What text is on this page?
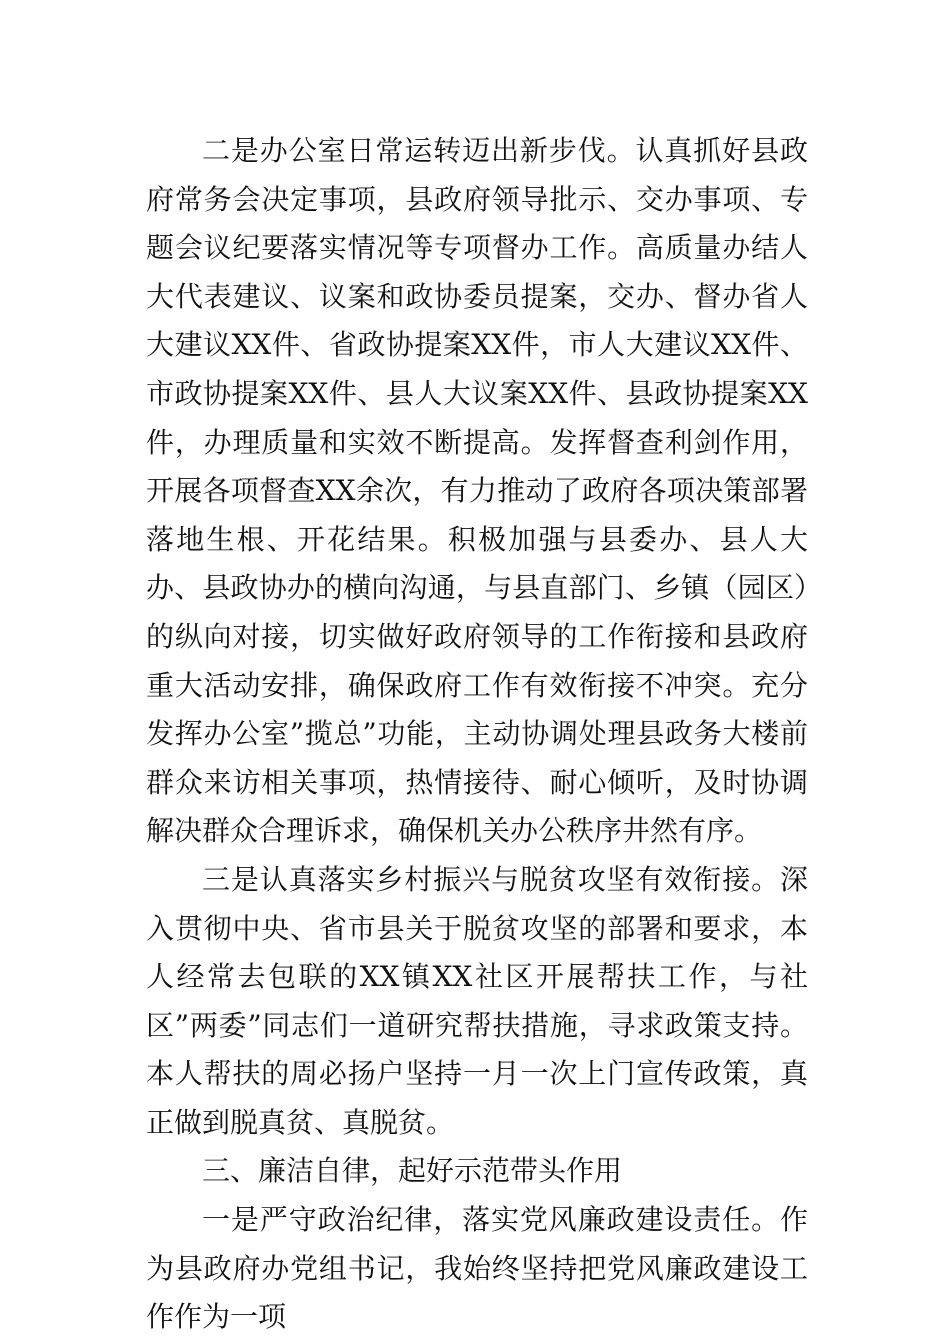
二是办公室日常运转迈出新步伐。认真抓好县政府常务会决定事项，县政府领导批示、交办事项、专题会议纪要落实情况等专项督办工作。高质量办结人大代表建议、议案和政协委员提案，交办、督办省人大建议XX件、省政协提案XX件，市人大建议XX件、市政协提案XX件、县人大议案XX件、县政协提案XX件，办理质量和实效不断提高。发挥督查利剑作用，开展各项督查XX余次，有力推动了政府各项决策部署落地生根、开花结果。积极加强与县委办、县人大办、县政协办的横向沟通，与县直部门、乡镇（园区）的纵向对接，切实做好政府领导的工作衔接和县政府重大活动安排，确保政府工作有效衔接不冲突。充分发挥办公室”揽总”功能，主动协调处理县政务大楼前群众来访相关事项，热情接待、耐心倾听，及时协调解决群众合理诉求，确保机关办公秩序井然有序。

三是认真落实乡村振兴与脱贫攻坚有效衔接。深入贯彻中央、省市县关于脱贫攻坚的部署和要求，本人经常去包联的XX镇XX社区开展帮扶工作，与社区”两委”同志们一道研究帮扶措施，寻求政策支持。本人帮扶的周必扬户坚持一月一次上门宣传政策，真正做到脱真贫、真脱贫。

三、廉洁自律，起好示范带头作用

一是严守政治纪律，落实党风廉政建设责任。作为县政府办党组书记，我始终坚持把党风廉政建设工作作为一项
